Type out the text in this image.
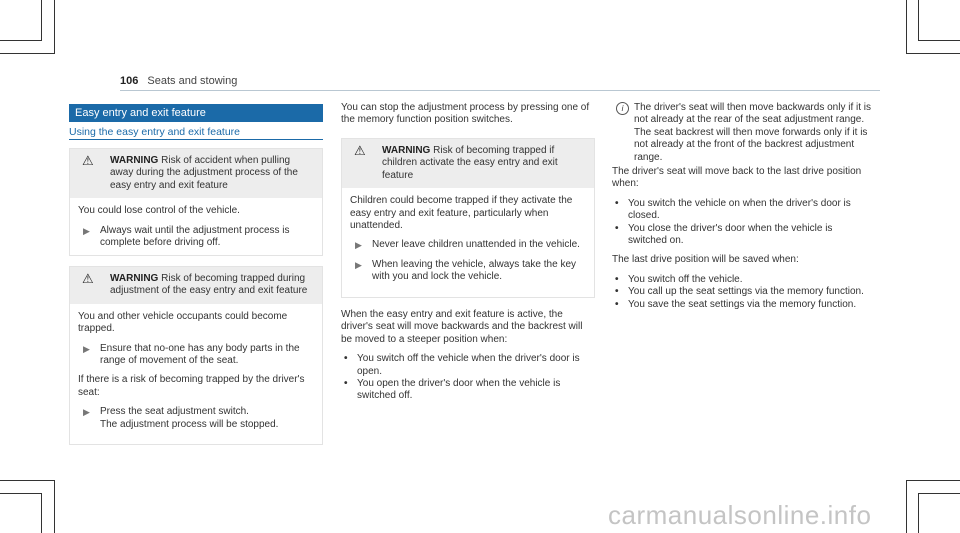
106 Seats and stowing
Easy entry and exit feature
Using the easy entry and exit feature
⚠ WARNING Risk of accident when pulling away during the adjustment process of the easy entry and exit feature

You could lose control of the vehicle.

▶ Always wait until the adjustment process is complete before driving off.
⚠ WARNING Risk of becoming trapped during adjustment of the easy entry and exit feature

You and other vehicle occupants could become trapped.

▶ Ensure that no-one has any body parts in the range of movement of the seat.

If there is a risk of becoming trapped by the driver's seat:

▶ Press the seat adjustment switch.
The adjustment process will be stopped.
You can stop the adjustment process by pressing one of the memory function position switches.
⚠ WARNING Risk of becoming trapped if children activate the easy entry and exit feature

Children could become trapped if they activate the easy entry and exit feature, particularly when unattended.

▶ Never leave children unattended in the vehicle.
▶ When leaving the vehicle, always take the key with you and lock the vehicle.

When the easy entry and exit feature is active, the driver's seat will move backwards and the backrest will be moved to a steeper position when:

• You switch off the vehicle when the driver's door is open.
• You open the driver's door when the vehicle is switched off.
i	The driver's seat will then move backwards only if it is not already at the rear of the seat adjustment range.
The seat backrest will then move forwards only if it is not already at the front of the backrest adjustment range.

The driver's seat will move back to the last drive position when:

• You switch the vehicle on when the driver's door is closed.
• You close the driver's door when the vehicle is switched on.

The last drive position will be saved when:

• You switch off the vehicle.
• You call up the seat settings via the memory function.
• You save the seat settings via the memory function.
carmanualsonline.info
